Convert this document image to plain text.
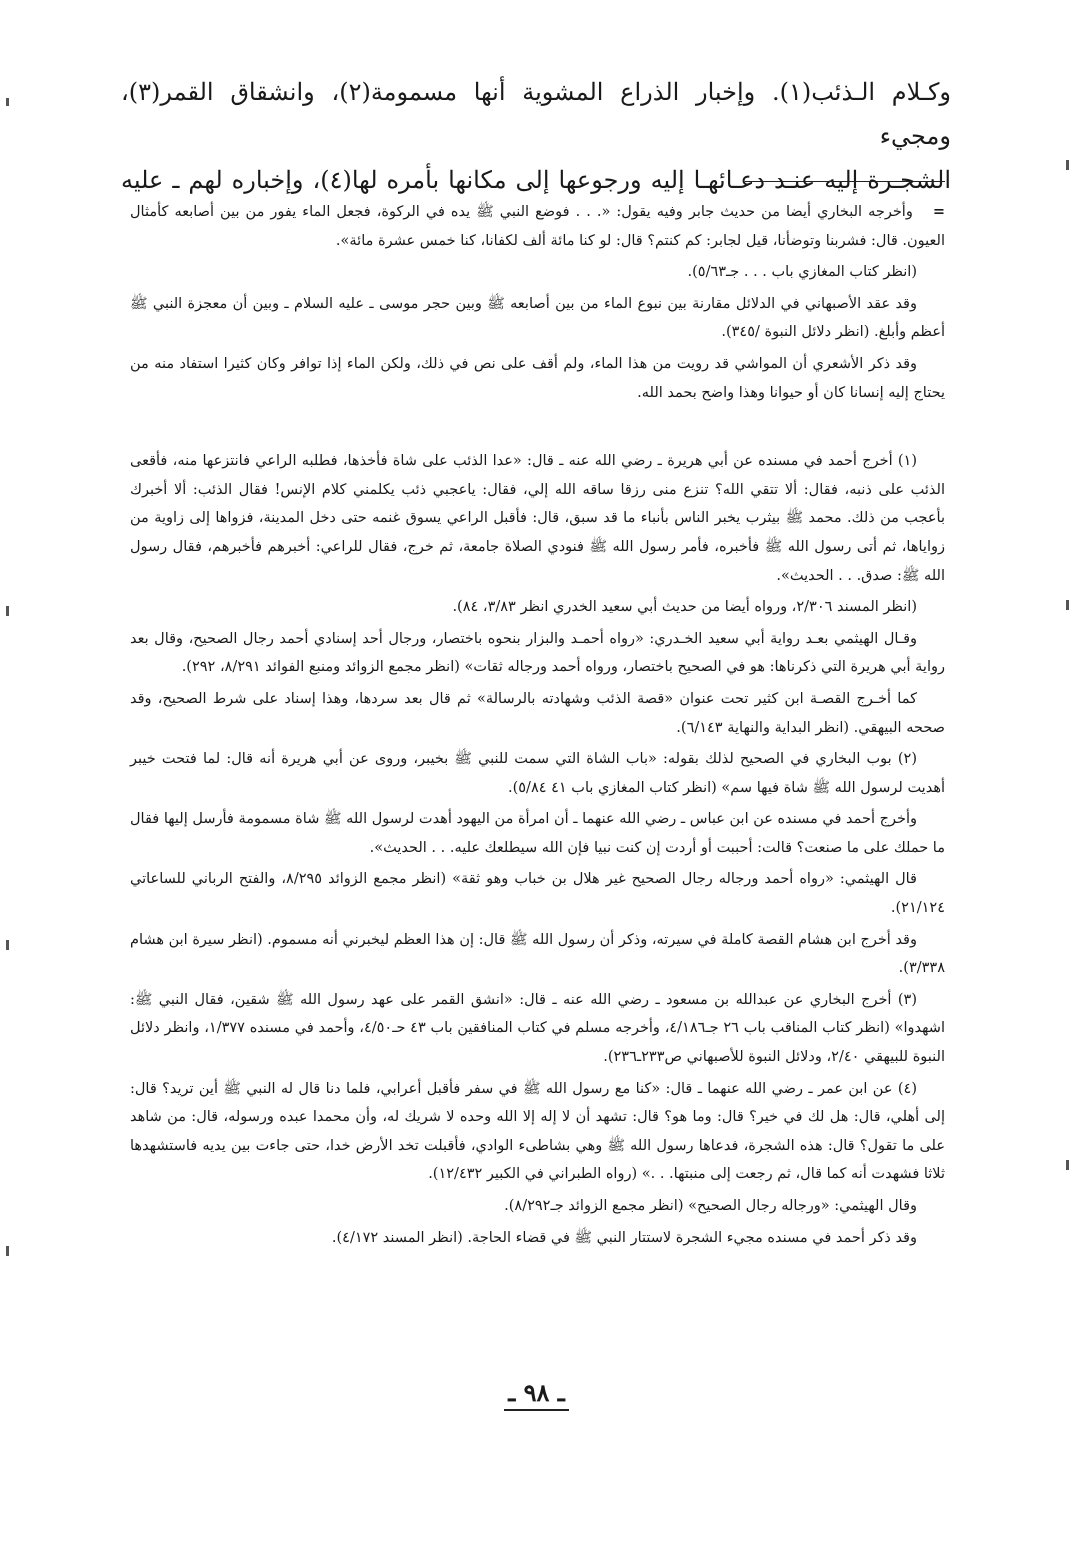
وكـلام الـذئب(١). وإخبار الذراع المشوية أنها مسمومة(٢)، وانشقاق القمر(٣)، ومجيء

الشجـرة إليه عنـد دعـائهـا إليه ورجوعها إلى مكانها بأمره لها(٤)، وإخباره لهم ـ عليه

=وأخرجه البخاري أيضا من حديث جابر وفيه يقول: «. . . فوضع النبي ﷺ يده في الركوة، فجعل الماء يفور من بين أصابعه كأمثال العيون. قال: فشربنا وتوضأنا، قيل لجابر: كم كنتم؟ قال: لو كنا مائة ألف لكفانا، كنا خمس عشرة مائة».

(انظر كتاب المغازي باب . . . جـ٥/٦٣).

وقد عقد الأصبهاني في الدلائل مقارنة بين نبوع الماء من بين أصابعه ﷺ وبين حجر موسى ـ عليه السلام ـ وبين أن معجزة النبي ﷺ أعظم وأبلغ. (انظر دلائل النبوة /٣٤٥).

وقد ذكر الأشعري أن المواشي قد رويت من هذا الماء، ولم أقف على نص في ذلك، ولكن الماء إذا توافر وكان كثيرا استفاد منه من يحتاج إليه إنسانا كان أو حيوانا وهذا واضح بحمد الله.

(١) أخرج أحمد في مسنده عن أبي هريرة ـ رضي الله عنه ـ قال: «عدا الذئب على شاة فأخذها، فطلبه الراعي فانتزعها منه، فأقعى الذئب على ذنبه، فقال: ألا تتقي الله؟ تنزع منى رزقا ساقه الله إلي، فقال: ياعجبي ذئب يكلمني كلام الإنس! فقال الذئب: ألا أخبرك بأعجب من ذلك. محمد ﷺ بيثرب يخبر الناس بأنباء ما قد سبق، قال: فأقبل الراعي يسوق غنمه حتى دخل المدينة، فزواها إلى زاوية من زواياها، ثم أتى رسول الله ﷺ فأخبره، فأمر رسول الله ﷺ فنودي الصلاة جامعة، ثم خرج، فقال للراعي: أخبرهم فأخبرهم، فقال رسول الله ﷺ: صدق. . . الحديث».

(انظر المسند ٢/٣٠٦، ورواه أيضا من حديث أبي سعيد الخدري انظر ٣/٨٣، ٨٤).

وقـال الهيثمي بعـد رواية أبي سعيد الخـدري: «رواه أحمـد والبزار بنحوه باختصار، ورجال أحد إسنادي أحمد رجال الصحيح، وقال بعد رواية أبي هريرة التي ذكرناها: هو في الصحيح باختصار، ورواه أحمد ورجاله ثقات» (انظر مجمع الزوائد ومنبع الفوائد ٨/٢٩١، ٢٩٢).

كما أخـرج القصـة ابن كثير تحت عنوان «قصة الذئب وشهادته بالرسالة» ثم قال بعد سردها، وهذا إسناد على شرط الصحيح، وقد صححه البيهقي. (انظر البداية والنهاية ٦/١٤٣).

(٢) بوب البخاري في الصحيح لذلك بقوله: «باب الشاة التي سمت للنبي ﷺ بخيبر، وروى عن أبي هريرة أنه قال: لما فتحت خيبر أهديت لرسول الله ﷺ شاة فيها سم» (انظر كتاب المغازي باب ٤١ ٥/٨٤).

وأخرج أحمد في مسنده عن ابن عباس ـ رضي الله عنهما ـ أن امرأة من اليهود أهدت لرسول الله ﷺ شاة مسمومة فأرسل إليها فقال ما حملك على ما صنعت؟ قالت: أحببت أو أردت إن كنت نبيا فإن الله سيطلعك عليه. . . الحديث».

قال الهيثمي: «رواه أحمد ورجاله رجال الصحيح غير هلال بن خباب وهو ثقة» (انظر مجمع الزوائد ٨/٢٩٥، والفتح الرباني للساعاتي ٢١/١٢٤).

وقد أخرج ابن هشام القصة كاملة في سيرته، وذكر أن رسول الله ﷺ قال: إن هذا العظم ليخبرني أنه مسموم. (انظر سيرة ابن هشام ٣/٣٣٨).

(٣) أخرج البخاري عن عبدالله بن مسعود ـ رضي الله عنه ـ قال: «انشق القمر على عهد رسول الله ﷺ شقين، فقال النبي ﷺ: اشهدوا» (انظر كتاب المناقب باب ٢٦ جـ٤/١٨٦، وأخرجه مسلم في كتاب المنافقين باب ٤٣ حـ٤/٥٠، وأحمد في مسنده ١/٣٧٧، وانظر دلائل النبوة للبيهقي ٢/٤٠، ودلائل النبوة للأصبهاني ص٢٣٣ـ٢٣٦).

(٤) عن ابن عمر ـ رضي الله عنهما ـ قال: «كنا مع رسول الله ﷺ في سفر فأقبل أعرابي، فلما دنا قال له النبي ﷺ أين تريد؟ قال: إلى أهلي، قال: هل لك في خير؟ قال: وما هو؟ قال: تشهد أن لا إله إلا الله وحده لا شريك له، وأن محمدا عبده ورسوله، قال: من شاهد على ما تقول؟ قال: هذه الشجرة، فدعاها رسول الله ﷺ وهي بشاطىء الوادي، فأقبلت تخد الأرض خدا، حتى جاءت بين يديه فاستشهدها ثلاثا فشهدت أنه كما قال، ثم رجعت إلى منبتها. . .» (رواه الطبراني في الكبير ١٢/٤٣٢).

وقال الهيثمي: «ورجاله رجال الصحيح» (انظر مجمع الزوائد جـ٨/٢٩٢).

وقد ذكر أحمد في مسنده مجيء الشجرة لاستتار النبي ﷺ في قضاء الحاجة. (انظر المسند ٤/١٧٢).

ـ ٩٨ ـ
